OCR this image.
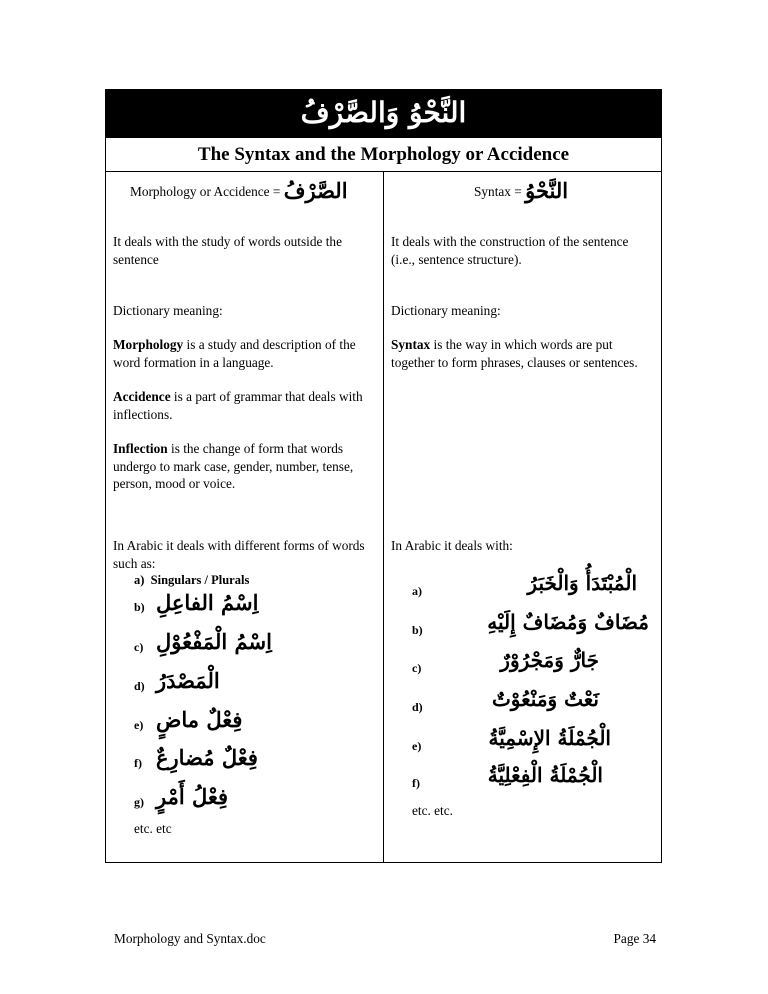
النَّحْوُ وَالصَّرْفُ
The Syntax and the Morphology or Accidence
Morphology or Accidence = الصَّرْفُ
It deals with the study of words outside the sentence
Dictionary meaning:
Morphology is a study and description of the word formation in a language.
Accidence is a part of grammar that deals with inflections.
Inflection is the change of form that words undergo to mark case, gender, number, tense, person, mood or voice.
In Arabic it deals with different forms of words such as:
a) Singulars / Plurals
b) اِسْمُ الفاعِلِ
c) اِسْمُ الْمَفْعُوْلِ
d) الْمَصْدَرُ
e) فِعْلٌ ماضٍ
f) فِعْلٌ مُضارِعٌ
g) فِعْلُ أَمْرٍ
etc. etc
Syntax = النَّحْوُ
It deals with the construction of the sentence (i.e., sentence structure).
Dictionary meaning:
Syntax is the way in which words are put together to form phrases, clauses or sentences.
In Arabic it deals with:
a)	الْمُبْتَدَأُ وَالْخَبَرُ
b)	مُضَافٌ وَمُضَافٌ إِلَيْهِ
c)	جَارٌّ وَمَجْرُوْرٌ
d)	نَعْتٌ وَمَنْعُوْتٌ
e)	الْجُمْلَةُ الإِسْمِيَّةُ
f)	الْجُمْلَةُ الْفِعْلِيَّةُ
etc. etc.
Morphology and Syntax.doc	Page 34
